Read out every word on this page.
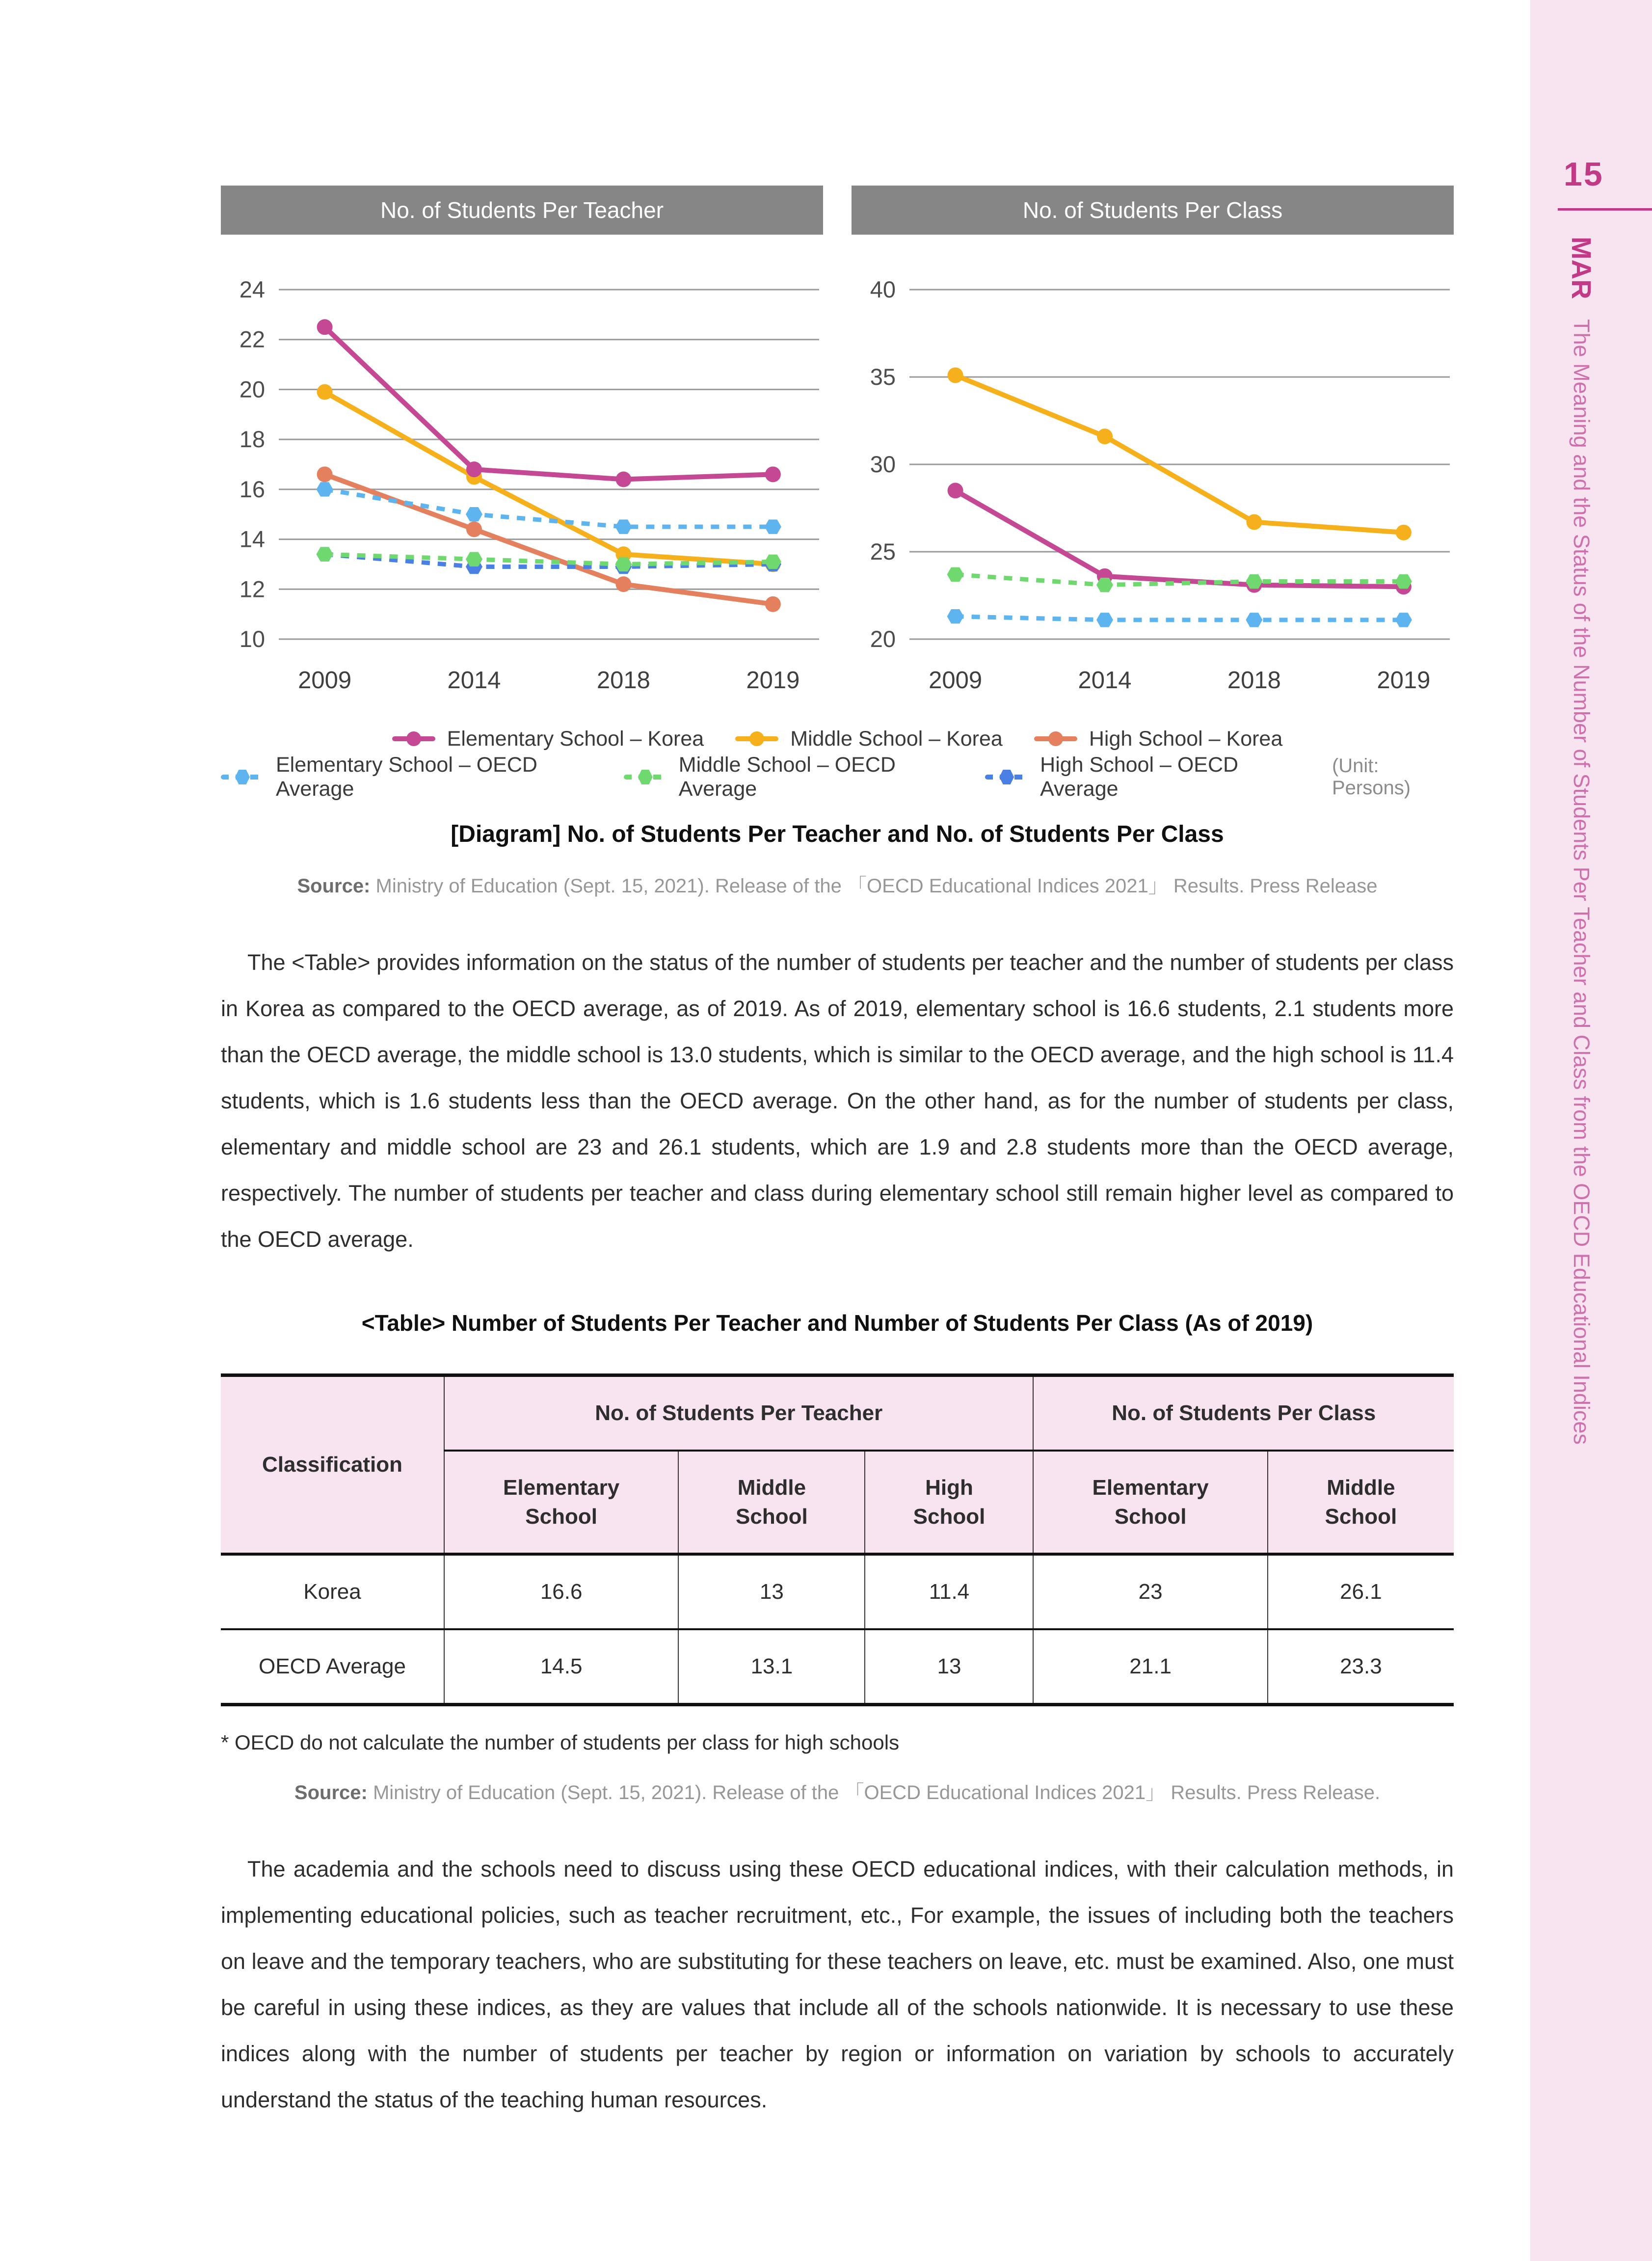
No. of Students Per Teacher
24
22
20
18
16
14
12
10
2009	2014	2018	2019
No. of Students Per Class
40
35
30
25
20
2009	2014	2018	2019
Elementary School – Korea	Middle School – Korea	High School – Korea
Elementary School – OECD Average
Middle School – OECD Average
High School – OECD Average
(Unit: Persons)
[Diagram] No. of Students Per Teacher and No. of Students Per Class
Source: Ministry of Education (Sept. 15, 2021). Release of the 「OECD Educational Indices 2021」 Results. Press Release

The <Table> provides information on the status of the number of students per teacher and the number of students per class in Korea as compared to the OECD average, as of 2019. As of 2019, elementary school is 16.6 students, 2.1 students more than the OECD average, the middle school is 13.0 students, which is similar to the OECD average, and the high school is 11.4 students, which is 1.6 students less than the OECD average. On the other hand, as for the number of students per class, elementary and middle school are 23 and 26.1 students, which are 1.9 and 2.8 students more than the OECD average, respectively. The number of students per teacher and class during elementary school still remain higher level as compared to the OECD average.

<Table> Number of Students Per Teacher and Number of Students Per Class (As of 2019)
Classification	No. of Students Per Teacher			No. of Students Per Class	
	Elementary School	Middle School	High School	Elementary School	Middle School
Korea	16.6	13	11.4	23	26.1
OECD Average	14.5	13.1	13	21.1	23.3
* OECD do not calculate the number of students per class for high schools
Source: Ministry of Education (Sept. 15, 2021). Release of the 「OECD Educational Indices 2021」 Results. Press Release.

The academia and the schools need to discuss using these OECD educational indices, with their calculation methods, in implementing educational policies, such as teacher recruitment, etc., For example, the issues of including both the teachers on leave and the temporary teachers, who are substituting for these teachers on leave, etc. must be examined. Also, one must be careful in using these indices, as they are values that include all of the schools nationwide. It is necessary to use these indices along with the number of students per teacher by region or information on variation by schools to accurately understand the status of the teaching human resources.

15
MAR The Meaning and the Status of the Number of Students Per Teacher and Class from the OECD Educational Indices
